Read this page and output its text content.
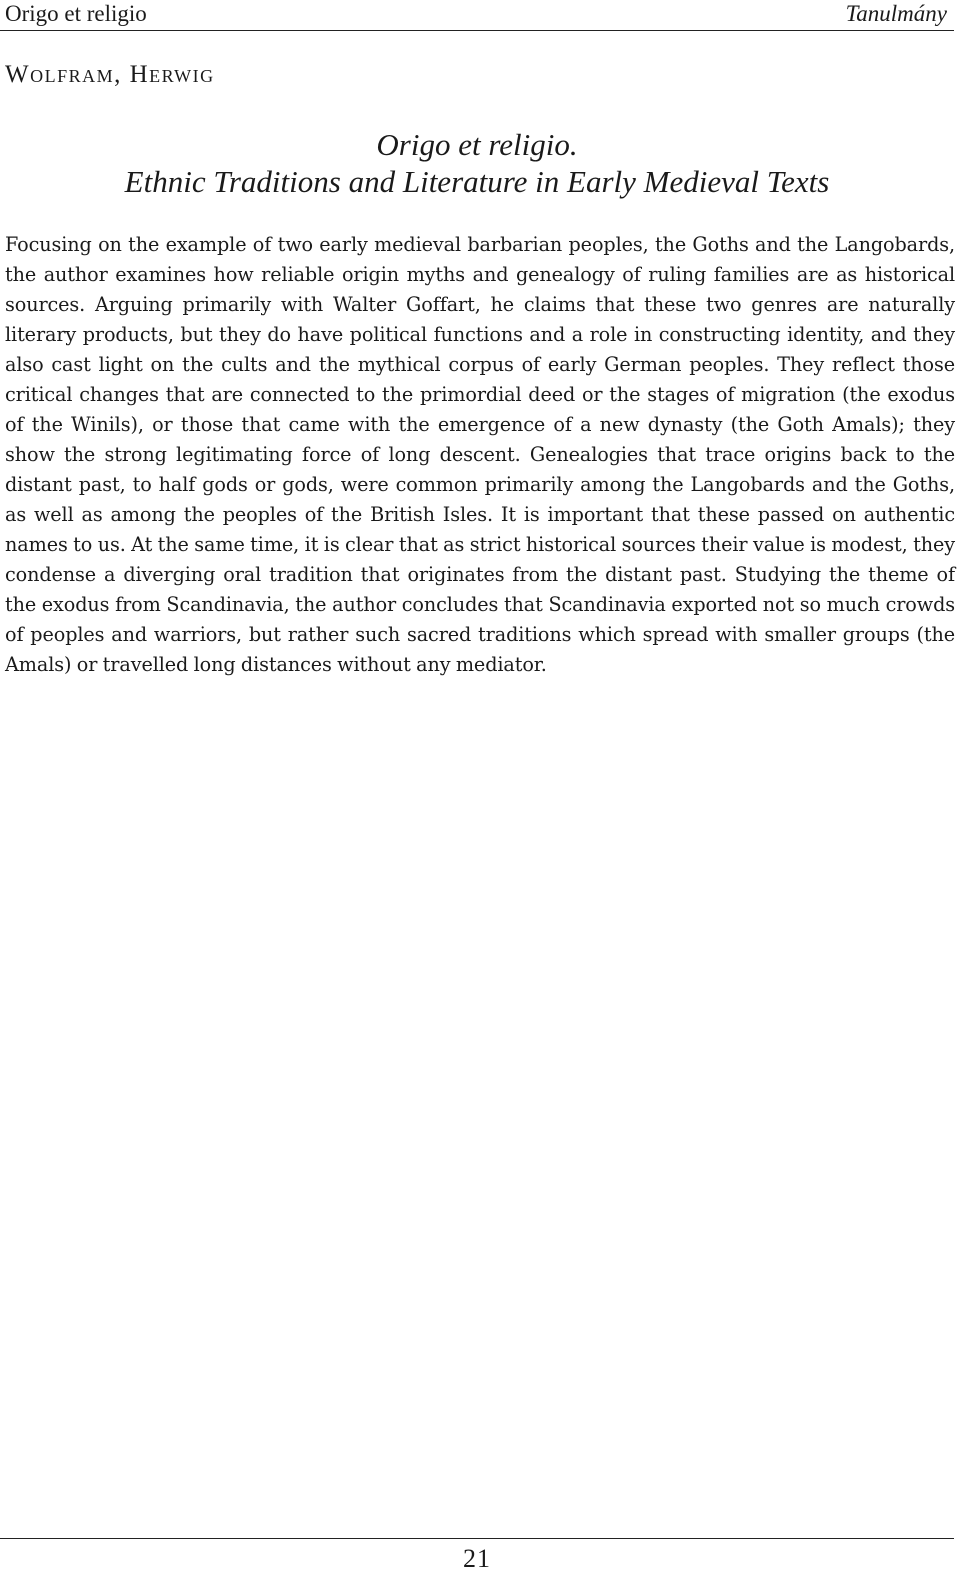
Origo et religio	Tanulmány
Wolfram, Herwig
Origo et religio.
Ethnic Traditions and Literature in Early Medieval Texts

Focusing on the example of two early medieval barbarian peoples, the Goths and the Langobards, the author examines how reliable origin myths and genealogy of ruling families are as historical sources. Arguing primarily with Walter Goffart, he claims that these two genres are naturally literary products, but they do have political functions and a role in constructing identity, and they also cast light on the cults and the mythical corpus of early German peoples. They reflect those critical changes that are connected to the primordial deed or the stages of migration (the exodus of the Winils), or those that came with the emergence of a new dynasty (the Goth Amals); they show the strong legitimating force of long descent. Genealogies that trace origins back to the distant past, to half gods or gods, were common primarily among the Langobards and the Goths, as well as among the peoples of the British Isles. It is important that these passed on authentic names to us. At the same time, it is clear that as strict historical sources their value is modest, they condense a diverging oral tradition that originates from the distant past. Studying the theme of the exodus from Scandinavia, the author concludes that Scandinavia exported not so much crowds of peoples and warriors, but rather such sacred traditions which spread with smaller groups (the Amals) or travelled long distances without any mediator.

21
